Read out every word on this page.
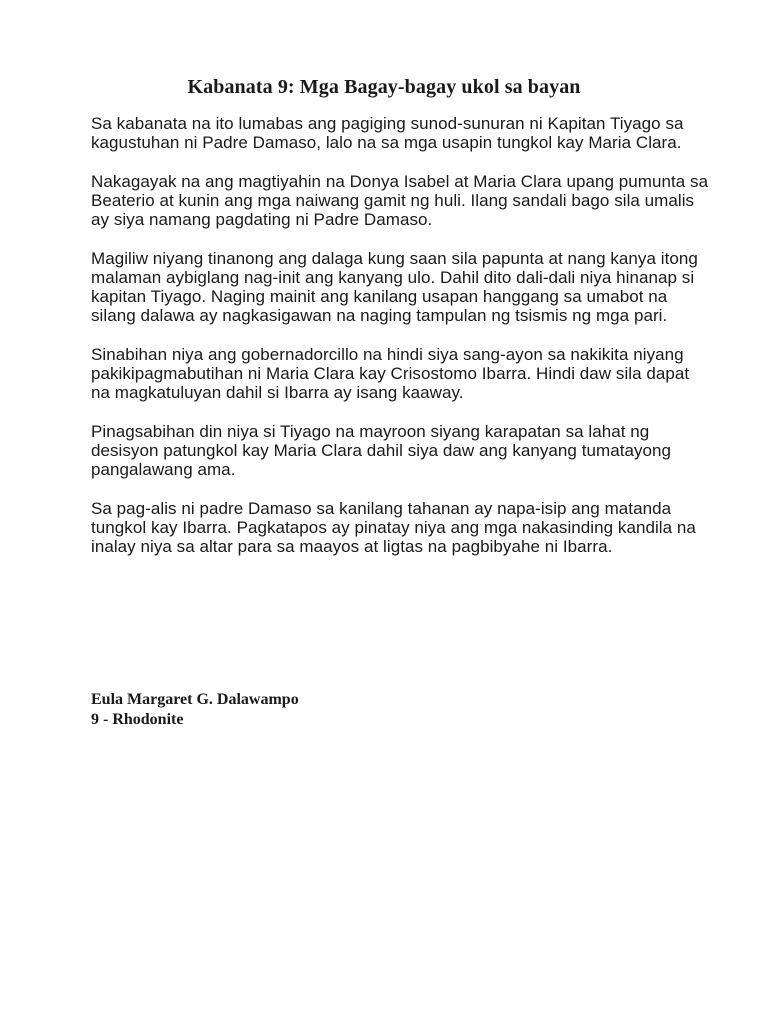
Kabanata 9: Mga Bagay-bagay ukol sa bayan

Sa kabanata na ito lumabas ang pagiging sunod-sunuran ni Kapitan Tiyago sa kagustuhan ni Padre Damaso, lalo na sa mga usapin tungkol kay Maria Clara.

Nakagayak na ang magtiyahin na Donya Isabel at Maria Clara upang pumunta sa Beaterio at kunin ang mga naiwang gamit ng huli. Ilang sandali bago sila umalis ay siya namang pagdating ni Padre Damaso.

Magiliw niyang tinanong ang dalaga kung saan sila papunta at nang kanya itong malaman aybiglang nag-init ang kanyang ulo. Dahil dito dali-dali niya hinanap si kapitan Tiyago. Naging mainit ang kanilang usapan hanggang sa umabot na silang dalawa ay nagkasigawan na naging tampulan ng tsismis ng mga pari.

Sinabihan niya ang gobernadorcillo na hindi siya sang-ayon sa nakikita niyang pakikipagmabutihan ni Maria Clara kay Crisostomo Ibarra. Hindi daw sila dapat na magkatuluyan dahil si Ibarra ay isang kaaway.

Pinagsabihan din niya si Tiyago na mayroon siyang karapatan sa lahat ng desisyon patungkol kay Maria Clara dahil siya daw ang kanyang tumatayong pangalawang ama.

Sa pag-alis ni padre Damaso sa kanilang tahanan ay napa-isip ang matanda tungkol kay Ibarra. Pagkatapos ay pinatay niya ang mga nakasinding kandila na inalay niya sa altar para sa maayos at ligtas na pagbibyahe ni Ibarra.

Eula Margaret G. Dalawampo
9 - Rhodonite
